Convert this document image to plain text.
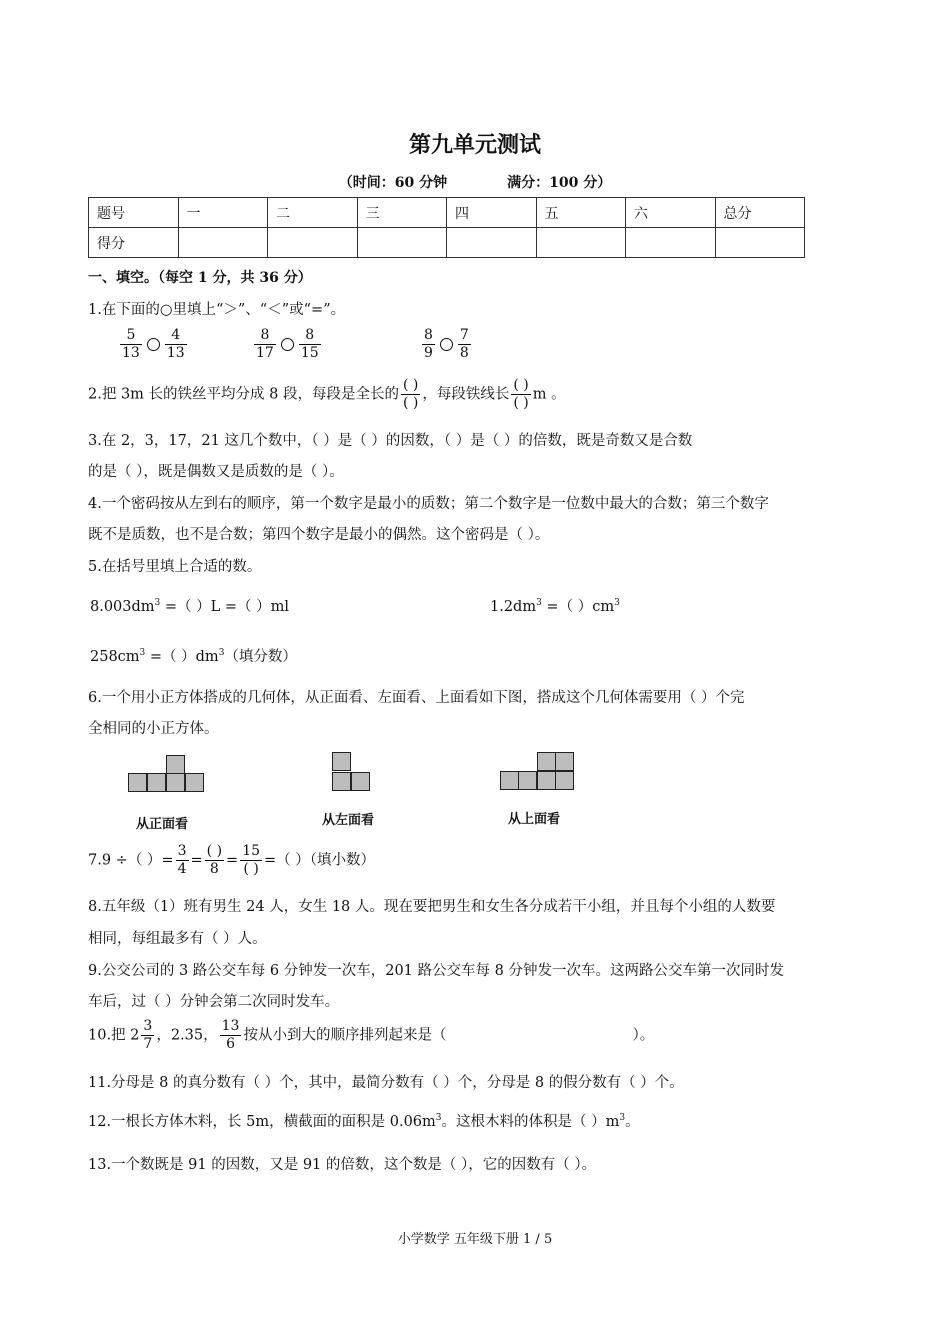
第九单元测试
（时间：60 分钟	满分：100 分）
题号	一	二	三	四	五	六	总分
得分							
一、填空。（每空 1 分，共 36 分）
1.在下面的○里填上“＞”、“＜”或“=”。
$\frac{5}{13} \frac{4}{13}$	$\frac{8}{17} \frac{8}{15}$	$\frac{8}{9} \frac{7}{8}$
2.把 3m 长的铁丝平均分成 8 段，每段是全长的 $\frac{( )}{( )}$ ，每段铁线长 $\frac{( )}{( )}$ m 。
3.在 2，3，17，21 这几个数中，（ ）是（ ）的因数，（ ）是（ ）的倍数，既是奇数又是合数
的是（ ），既是偶数又是质数的是（ ）。
4.一个密码按从左到右的顺序，第一个数字是最小的质数；第二个数字是一位数中最大的合数；第三个数字
既不是质数，也不是合数；第四个数字是最小的偶然。这个密码是（ ）。
5.在括号里填上合适的数。
$8.003dm^3$ =（ ）L =（ ）ml	$1.2dm^3$ =（ ）$cm^3$
$258cm^3$ =（ ）$dm^3$（填分数）
6.一个用小正方体搭成的几何体，从正面看、左面看、上面看如下图，搭成这个几何体需要用（ ）个完
全相同的小正方体。
从正面看	从左面看	从上面看
7.9 ÷（ ）= $\frac{3}{4} = \frac{( )}{8} = \frac{15}{( )}$ =（ ）（填小数）
8.五年级（1）班有男生 24 人，女生 18 人。现在要把男生和女生各分成若干小组，并且每个小组的人数要
相同，每组最多有（ ）人。
9.公交公司的 3 路公交车每 6 分钟发一次车，201 路公交车每 8 分钟发一次车。这两路公交车第一次同时发
车后，过（ ）分钟会第二次同时发车。
10.把 $2 \frac{3}{7}$ ，2.35， $\frac{13}{6}$ 按从小到大的顺序排列起来是（	）。
11.分母是 8 的真分数有（ ）个，其中，最简分数有（ ）个，分母是 8 的假分数有（ ）个。
12.一根长方体木料，长 5m，横截面的面积是 $0.06m^3$。这根木料的体积是（ ）$m^3$。
13.一个数既是 91 的因数，又是 91 的倍数，这个数是（ ），它的因数有（ ）。
小学数学 五年级下册 1 / 5
